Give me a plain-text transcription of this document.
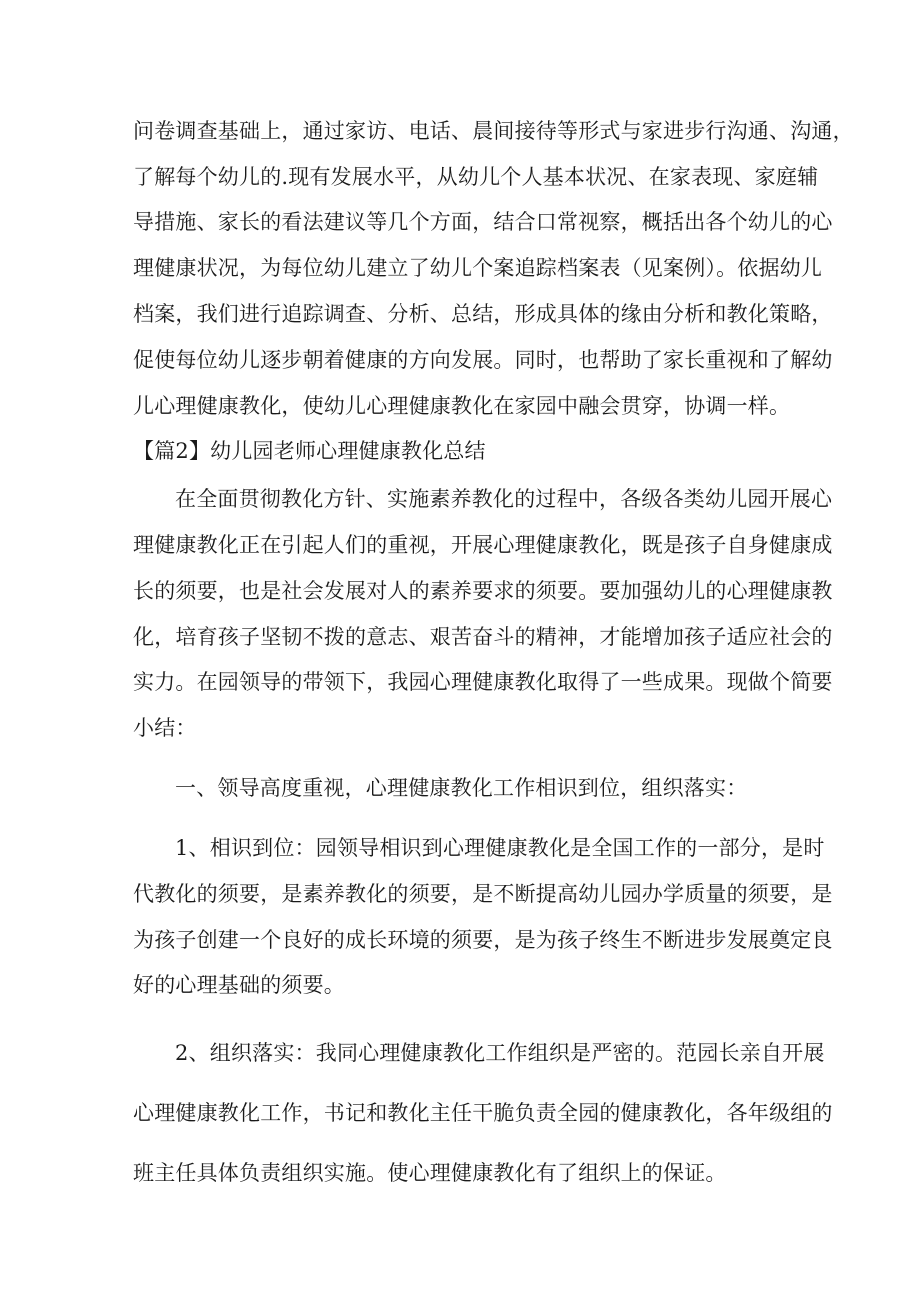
问卷调查基础上，通过家访、电话、晨间接待等形式与家进步行沟通、沟通，
了解每个幼儿的.现有发展水平，从幼儿个人基本状况、在家表现、家庭辅
导措施、家长的看法建议等几个方面，结合口常视察，概括出各个幼儿的心
理健康状况，为每位幼儿建立了幼儿个案追踪档案表（见案例）。依据幼儿
档案，我们进行追踪调查、分析、总结，形成具体的缘由分析和教化策略，
促使每位幼儿逐步朝着健康的方向发展。同时，也帮助了家长重视和了解幼
儿心理健康教化，使幼儿心理健康教化在家园中融会贯穿，协调一样。
【篇2】幼儿园老师心理健康教化总结
在全面贯彻教化方针、实施素养教化的过程中，各级各类幼儿园开展心
理健康教化正在引起人们的重视，开展心理健康教化，既是孩子自身健康成
长的须要，也是社会发展对人的素养要求的须要。要加强幼儿的心理健康教
化，培育孩子坚韧不拨的意志、艰苦奋斗的精神，才能增加孩子适应社会的
实力。在园领导的带领下，我园心理健康教化取得了一些成果。现做个简要
小结：
一、领导高度重视，心理健康教化工作相识到位，组织落实：
1、相识到位：园领导相识到心理健康教化是全国工作的一部分，是时
代教化的须要，是素养教化的须要，是不断提高幼儿园办学质量的须要，是
为孩子创建一个良好的成长环境的须要，是为孩子终生不断进步发展奠定良
好的心理基础的须要。
2、组织落实：我同心理健康教化工作组织是严密的。范园长亲自开展
心理健康教化工作，书记和教化主任干脆负责全园的健康教化，各年级组的
班主任具体负责组织实施。使心理健康教化有了组织上的保证。
